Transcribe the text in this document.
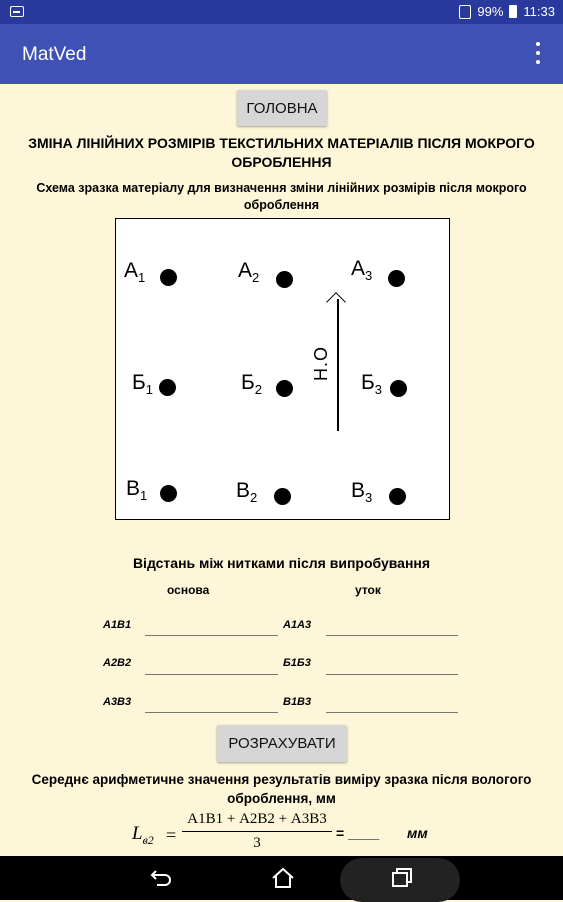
99% 11:33
MatVed
ГОЛОВНА
ЗМІНА ЛІНІЙНИХ РОЗМІРІВ ТЕКСТИЛЬНИХ МАТЕРІАЛІВ ПІСЛЯ МОКРОГО ОБРОБЛЕННЯ
Схема зразка матеріалу для визначення зміни лінійних розмірів після мокрого оброблення
$А_1$	$А_2$	$А_3$
$Б_1$	$Б_2$	$Б_3$
$В_1$	$В_2$	$В_3$
Н.О
Відстань між нитками після випробування
основа	уток
А1В1	А1А3
А2В2	Б1Б3
А3В3	В1В3
РОЗРАХУВАТИ
Середнє арифметичне значення результатів виміру зразка після вологого оброблення, мм
$L_{в2}$ =
А1В1 + А2В2 + А3В3
3
= ____ мм
